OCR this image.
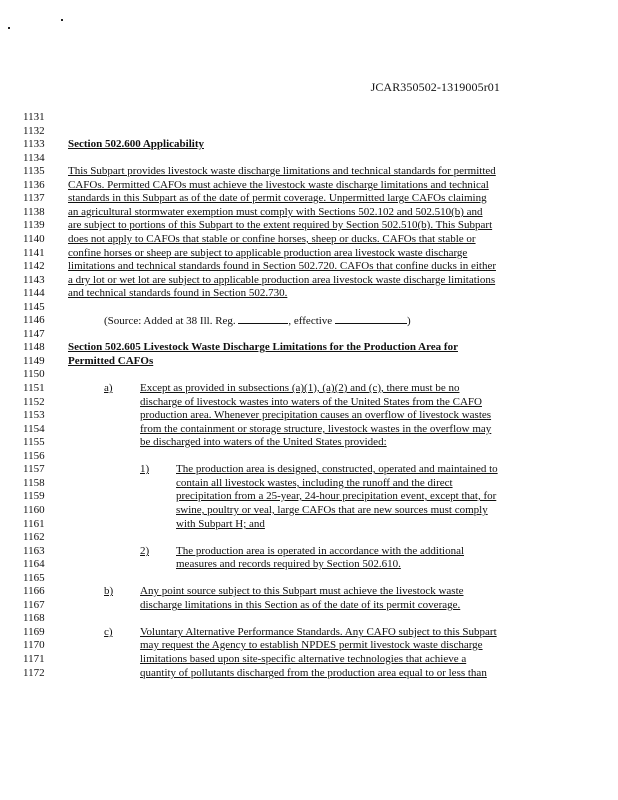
JCAR350502-1319005r01
1131
1132
1133 Section 502.600 Applicability
1134
1135 This Subpart provides livestock waste discharge limitations and technical standards for permitted
1136 CAFOs. Permitted CAFOs must achieve the livestock waste discharge limitations and technical
1137 standards in this Subpart as of the date of permit coverage. Unpermitted large CAFOs claiming
1138 an agricultural stormwater exemption must comply with Sections 502.102 and 502.510(b) and
1139 are subject to portions of this Subpart to the extent required by Section 502.510(b). This Subpart
1140 does not apply to CAFOs that stable or confine horses, sheep or ducks. CAFOs that stable or
1141 confine horses or sheep are subject to applicable production area livestock waste discharge
1142 limitations and technical standards found in Section 502.720. CAFOs that confine ducks in either
1143 a dry lot or wet lot are subject to applicable production area livestock waste discharge limitations
1144 and technical standards found in Section 502.730.
1145
1146	(Source: Added at 38 Ill. Reg.	, effective	)
1147
1148 Section 502.605 Livestock Waste Discharge Limitations for the Production Area for
1149 Permitted CAFOs
1150
1151	a) Except as provided in subsections (a)(1), (a)(2) and (c), there must be no
1152	discharge of livestock wastes into waters of the United States from the CAFO
1153	production area. Whenever precipitation causes an overflow of livestock wastes
1154	from the containment or storage structure, livestock wastes in the overflow may
1155	be discharged into waters of the United States provided:
1156
1157	1) The production area is designed, constructed, operated and maintained to
1158	contain all livestock wastes, including the runoff and the direct
1159	precipitation from a 25-year, 24-hour precipitation event, except that, for
1160	swine, poultry or veal, large CAFOs that are new sources must comply
1161	with Subpart H; and
1162
1163	2) The production area is operated in accordance with the additional
1164	measures and records required by Section 502.610.
1165
1166	b) Any point source subject to this Subpart must achieve the livestock waste
1167	discharge limitations in this Section as of the date of its permit coverage.
1168
1169	c) Voluntary Alternative Performance Standards. Any CAFO subject to this Subpart
1170	may request the Agency to establish NPDES permit livestock waste discharge
1171	limitations based upon site-specific alternative technologies that achieve a
1172	quantity of pollutants discharged from the production area equal to or less than
